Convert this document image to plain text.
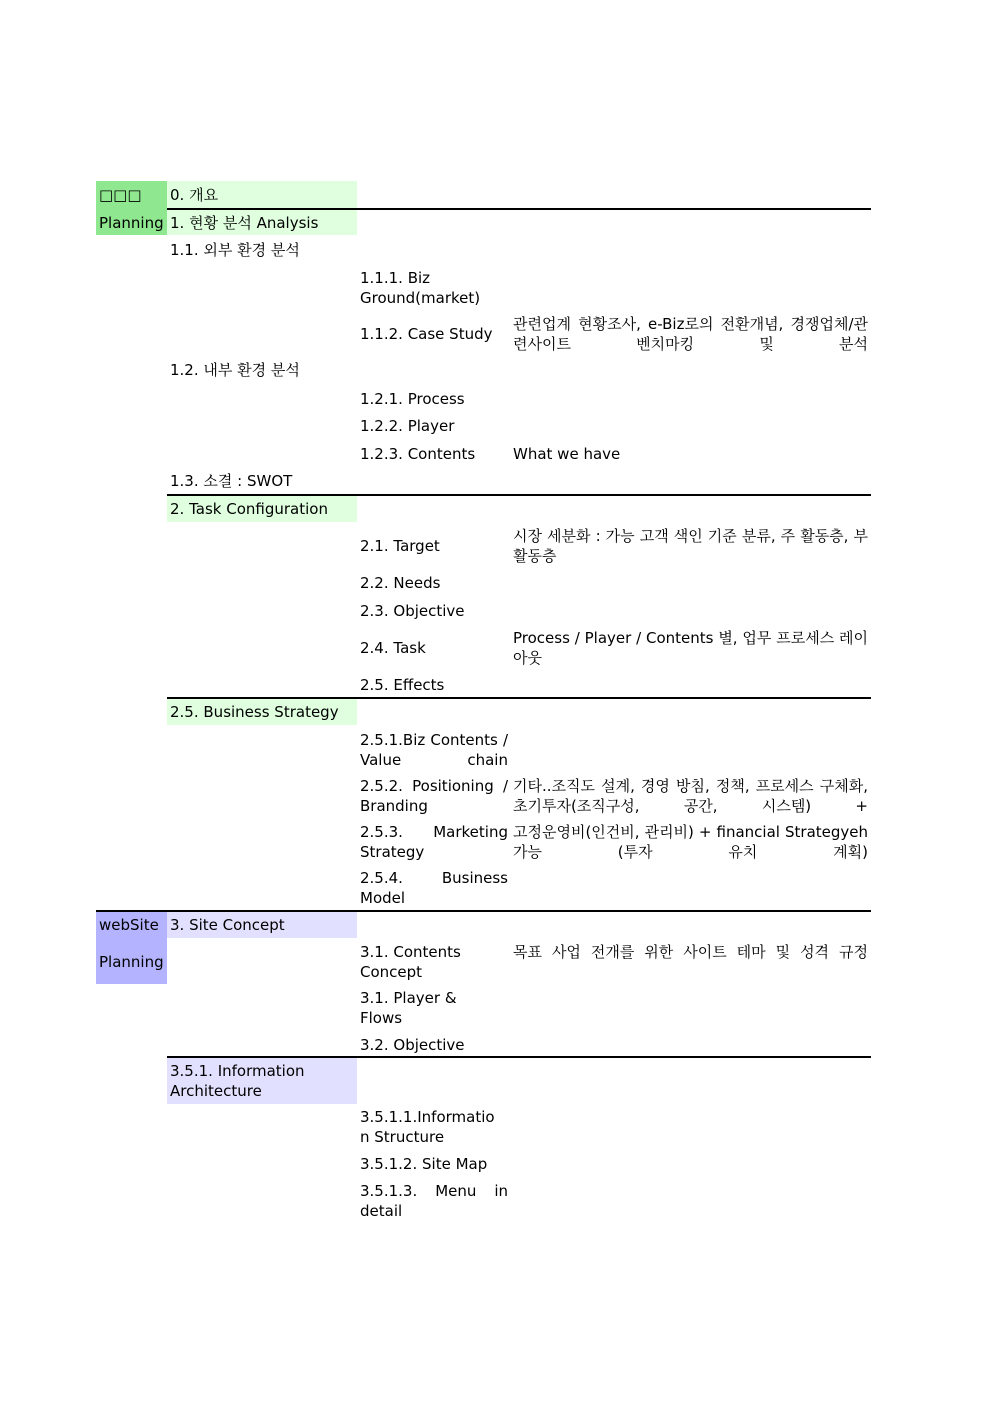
□□□
Planning
webSite
Planning
0. 개요
1. 현황 분석 Analysis
1.1. 외부 환경 분석
1.2. 내부 환경 분석
1.3. 소결 : SWOT
2. Task Configuration
2.5. Business Strategy
3. Site Concept
3.5.1. Information Architecture
1.1.1. Biz Ground(market)
1.1.2. Case Study
1.2.1. Process
1.2.2. Player
1.2.3. Contents
2.1. Target
2.2. Needs
2.3. Objective
2.4. Task
2.5. Effects
2.5.1.Biz Contents / Value chain
2.5.2. Positioning / Branding
2.5.3. Marketing Strategy
2.5.4. Business Model
3.1. Contents Concept
3.1. Player & Flows
3.2. Objective
3.5.1.1.Information Structure
3.5.1.2. Site Map
3.5.1.3. Menu in detail
관련업계 현황조사, e-Biz로의 전환개념, 경쟁업체/관련사이트 벤치마킹 및 분석
What we have
시장 세분화 : 가능 고객 색인 기준 분류, 주 활동층, 부활동층
Process / Player / Contents 별, 업무 프로세스 레이아웃
기타..조직도 설계, 경영 방침, 정책, 프로세스 구체화, 초기투자(조직구성, 공간, 시스템) +
고정운영비(인건비, 관리비) + financial Strategyeh 가능 (투자 유치 계획)
목표 사업 전개를 위한 사이트 테마 및 성격 규정
